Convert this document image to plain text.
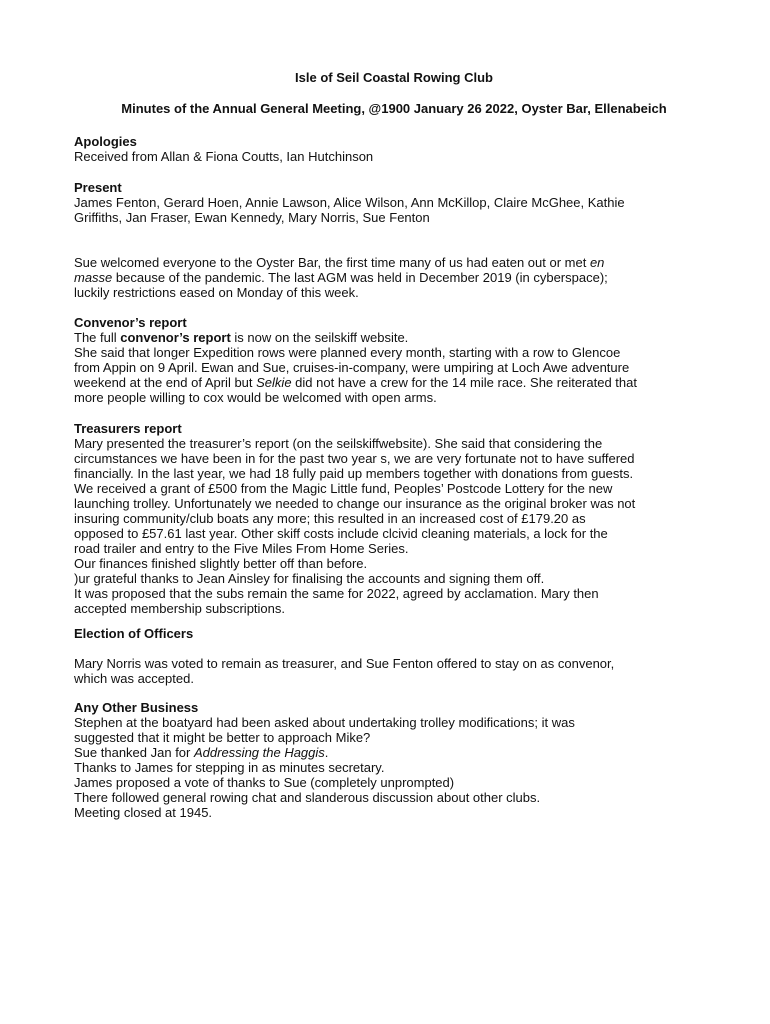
Isle of Seil Coastal Rowing Club
Minutes of the Annual General Meeting, @1900 January 26 2022, Oyster Bar, Ellenabeich

Apologies

Received from Allan & Fiona Coutts, Ian Hutchinson

Present

James Fenton, Gerard Hoen, Annie Lawson, Alice Wilson, Ann McKillop, Claire McGhee, Kathie

Griffiths, Jan Fraser, Ewan Kennedy, Mary Norris, Sue Fenton

Sue welcomed everyone to the Oyster Bar, the first time many of us had eaten out or met en

masse because of the pandemic. The last AGM was held in December 2019 (in cyberspace);

luckily restrictions eased on Monday of this week.

Convenor’s report

The full convenor’s report is now on the seilskiff website.

She said that longer Expedition rows were planned every month, starting with a row to Glencoe

from Appin on 9 April. Ewan and Sue, cruises-in-company, were umpiring at Loch Awe adventure

weekend at the end of April but Selkie did not have a crew for the 14 mile race. She reiterated that

more people willing to cox would be welcomed with open arms.

Treasurers report

Mary presented the treasurer’s report (on the seilskiffwebsite). She said that considering the

circumstances we have been in for the past two year s, we are very fortunate not to have suffered

financially. In the last year, we had 18 fully paid up members together with donations from guests.

We received a grant of £500 from the Magic Little fund, Peoples’ Postcode Lottery for the new

launching trolley. Unfortunately we needed to change our insurance as the original broker was not

insuring community/club boats any more; this resulted in an increased cost of £179.20 as

opposed to £57.61 last year. Other skiff costs include clcivid cleaning materials, a lock for the

road trailer and entry to the Five Miles From Home Series.

Our finances finished slightly better off than before.

)ur grateful thanks to Jean Ainsley for finalising the accounts and signing them off.

It was proposed that the subs remain the same for 2022, agreed by acclamation. Mary then

accepted membership subscriptions.

Election of Officers

Mary Norris was voted to remain as treasurer, and Sue Fenton offered to stay on as convenor,

which was accepted.

Any Other Business

Stephen at the boatyard had been asked about undertaking trolley modifications; it was

suggested that it might be better to approach Mike?

Sue thanked Jan for Addressing the Haggis.

Thanks to James for stepping in as minutes secretary.

James proposed a vote of thanks to Sue (completely unprompted)

There followed general rowing chat and slanderous discussion about other clubs.

Meeting closed at 1945.
